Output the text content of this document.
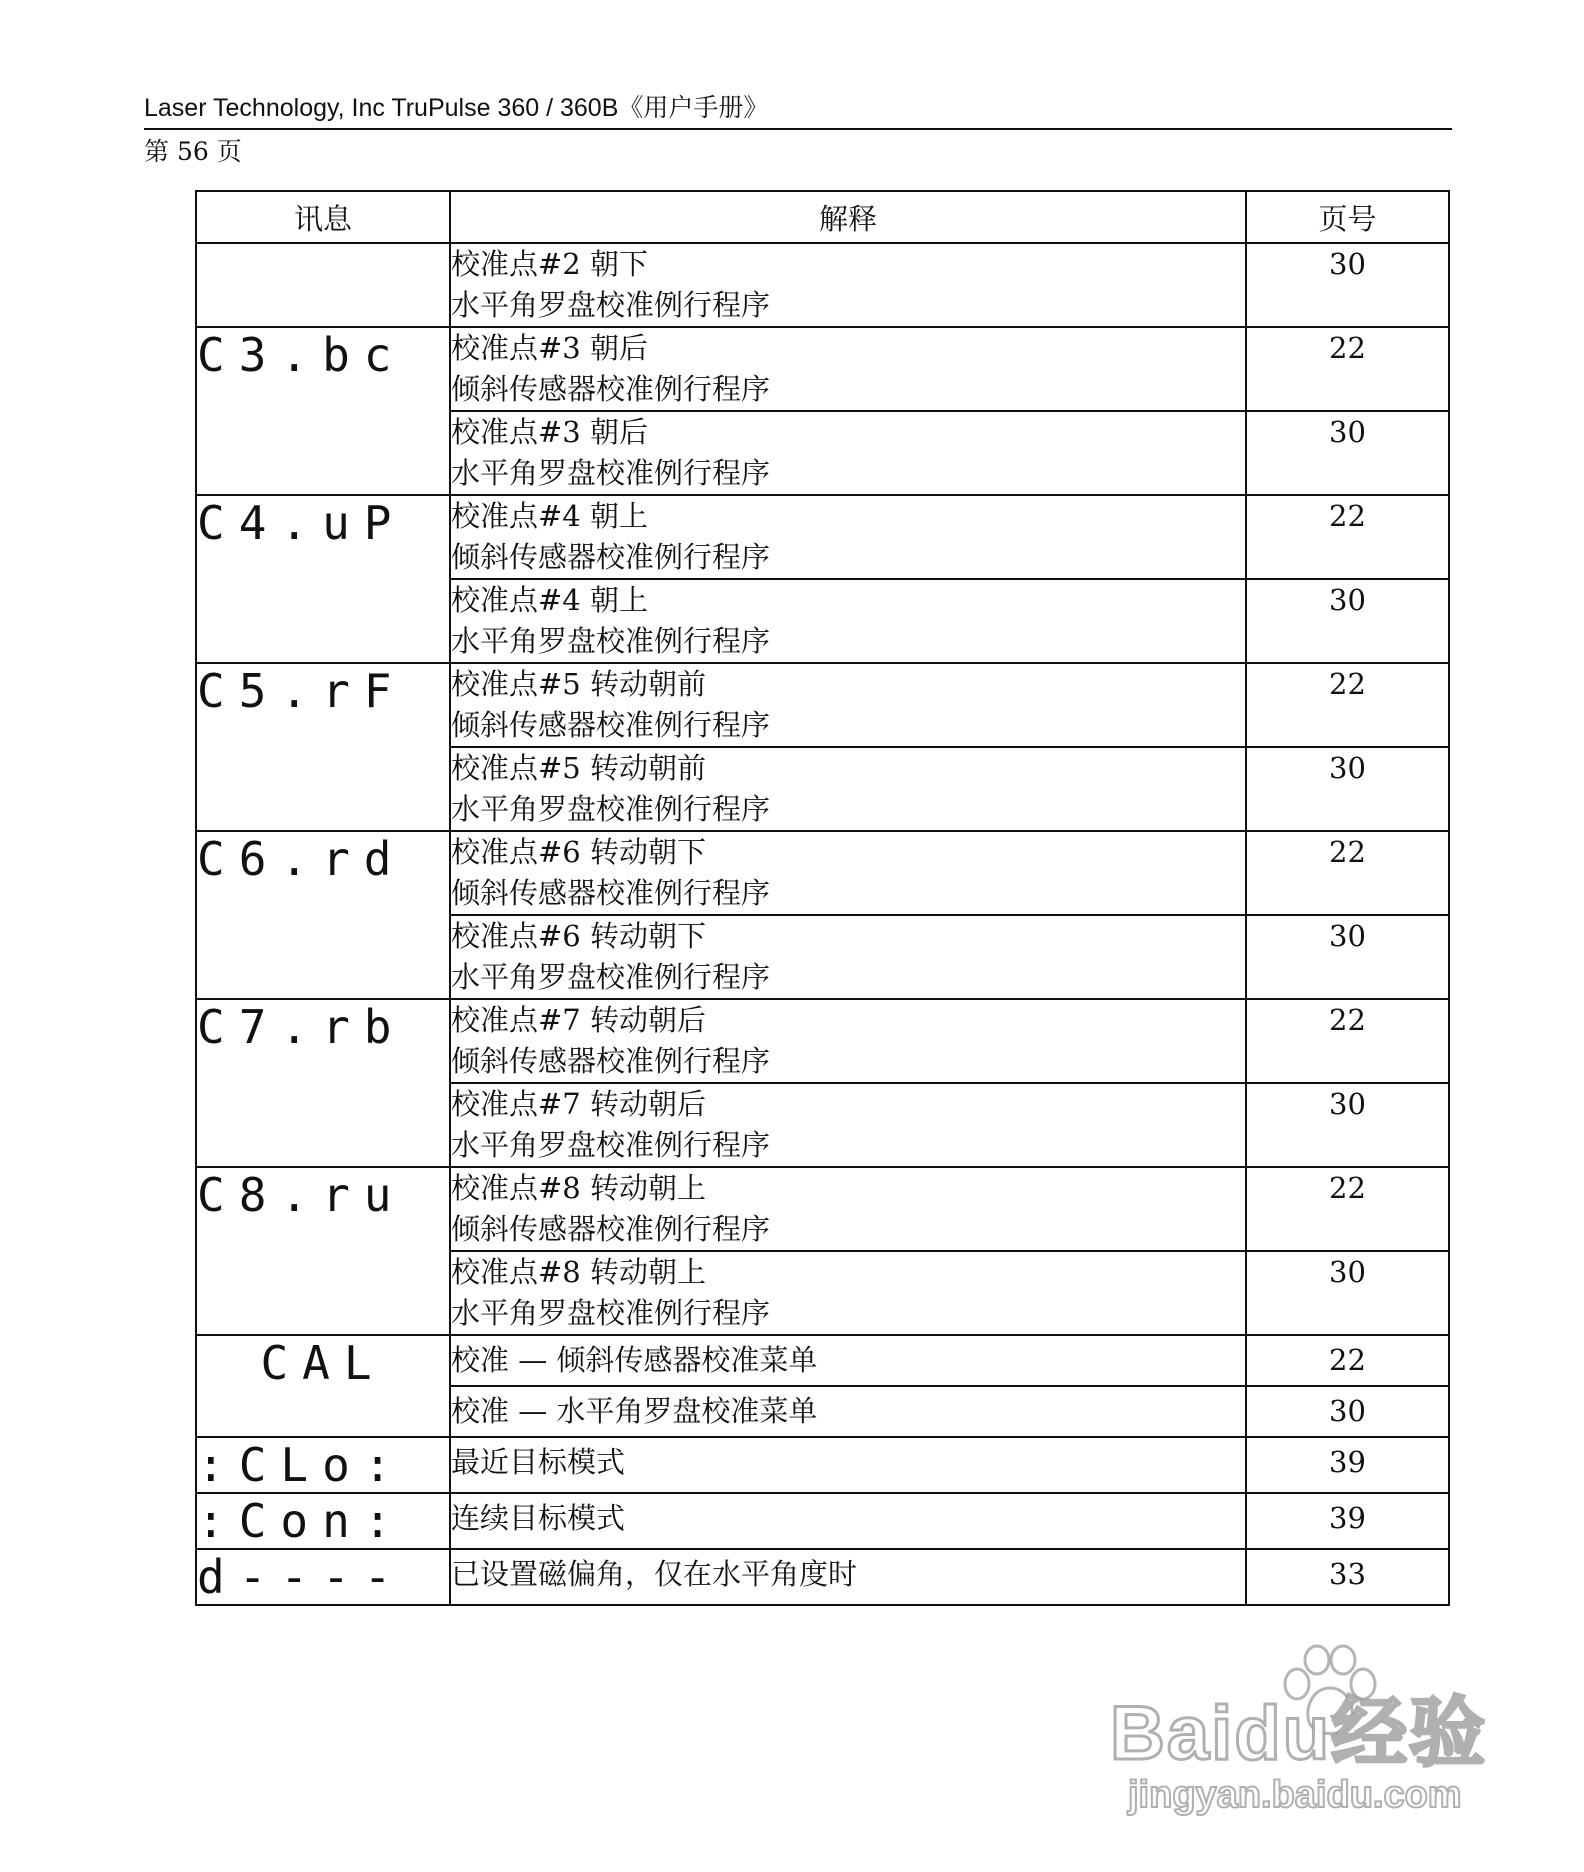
Laser Technology, Inc TruPulse 360 / 360B《用户手册》
第 56 页
讯息	解释	页号

	校准点#2 朝下
水平角罗盘校准例行程序	30
C3.bc	校准点#3 朝后
倾斜传感器校准例行程序	22

	校准点#3 朝后
水平角罗盘校准例行程序	30
C4.uP	校准点#4 朝上
倾斜传感器校准例行程序	22

	校准点#4 朝上
水平角罗盘校准例行程序	30
C5.rF	校准点#5 转动朝前
倾斜传感器校准例行程序	22

	校准点#5 转动朝前
水平角罗盘校准例行程序	30
C6.rd	校准点#6 转动朝下
倾斜传感器校准例行程序	22

	校准点#6 转动朝下
水平角罗盘校准例行程序	30
C7.rb	校准点#7 转动朝后
倾斜传感器校准例行程序	22

	校准点#7 转动朝后
水平角罗盘校准例行程序	30
C8.ru	校准点#8 转动朝上
倾斜传感器校准例行程序	22

	校准点#8 转动朝上
水平角罗盘校准例行程序	30
CAL	校准 — 倾斜传感器校准菜单	22
	校准 — 水平角罗盘校准菜单	30
:CLo:	最近目标模式	39
:Con:	连续目标模式	39
d----	已设置磁偏角，仅在水平角度时	33
Baidu经验
jingyan.baidu.com
